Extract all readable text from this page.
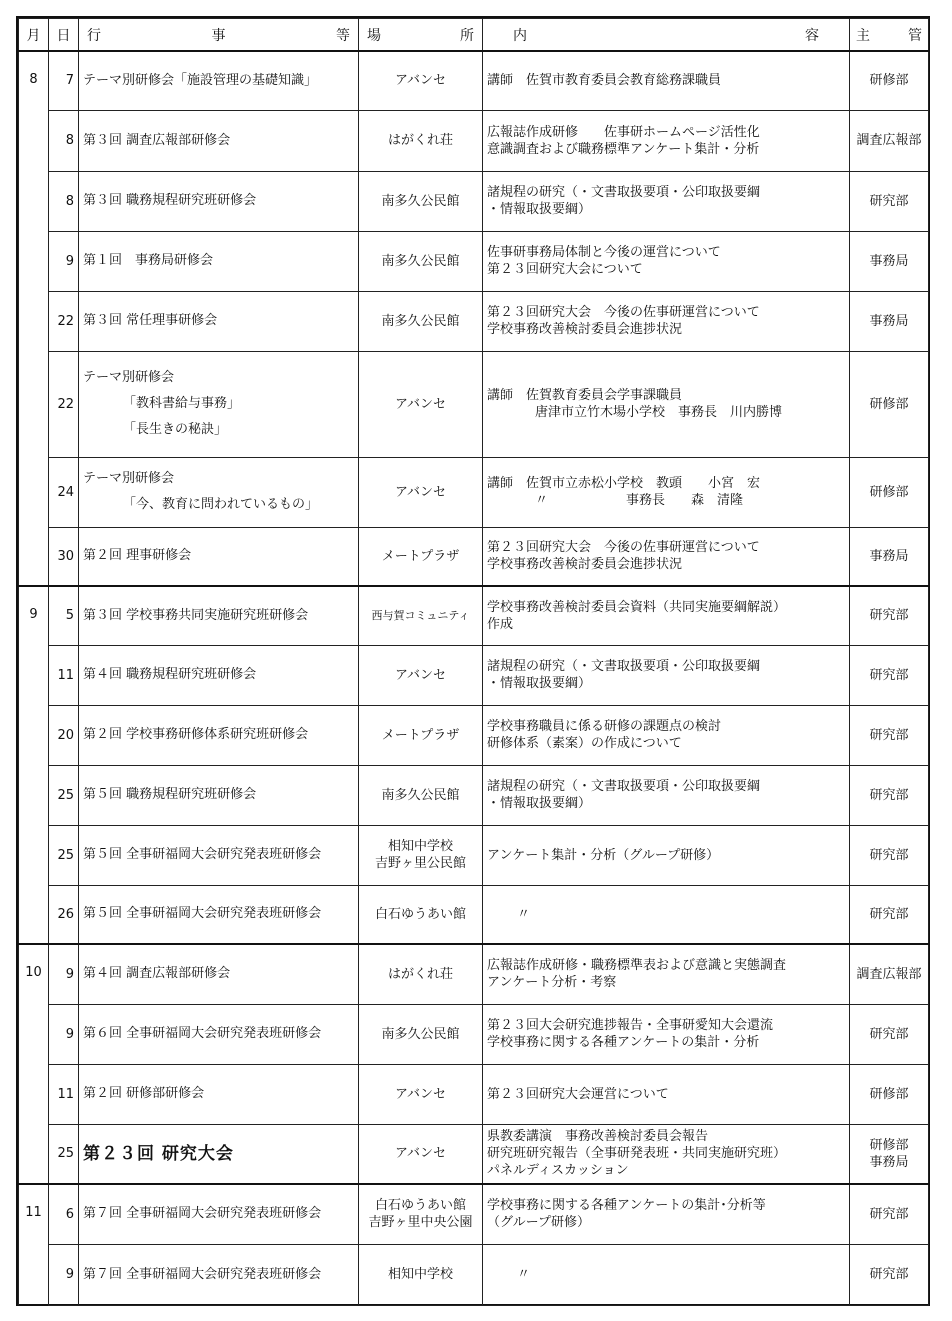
月	日	行 事 等	場 所	内 容	主 管

8	7	テーマ別研修会「施設管理の基礎知識」	アバンセ	講師　佐賀市教育委員会教育総務課職員	研修部

	8	第３回 調査広報部研修会	はがくれ荘	広報誌作成研修　　佐事研ホームページ活性化
意識調査および職務標準アンケート集計・分析	調査広報部

	8	第３回 職務規程研究班研修会	南多久公民館	諸規程の研究（・文書取扱要項・公印取扱要綱
・情報取扱要綱）	研究部

	9	第１回　事務局研修会	南多久公民館	佐事研事務局体制と今後の運営について
第２３回研究大会について	事務局

	22	第３回 常任理事研修会	南多久公民館	第２３回研究大会　今後の佐事研運営について
学校事務改善検討委員会進捗状況	事務局

	22	テーマ別研修会
「教科書給与事務」
「長生きの秘訣」	アバンセ	講師　佐賀教育委員会学事課職員
唐津市立竹木場小学校　事務長　川内勝博	研修部

	24	テーマ別研修会
「今、教育に問われているもの」	アバンセ	講師　佐賀市立赤松小学校　教頭　　小宮　宏
〃　　　　　　事務長　　森　清隆	研修部

	30	第２回 理事研修会	メートプラザ	第２３回研究大会　今後の佐事研運営について
学校事務改善検討委員会進捗状況	事務局

9	5	第３回 学校事務共同実施研究班研修会	西与賀コミュニティ	学校事務改善検討委員会資料（共同実施要綱解説）
作成	研究部

	11	第４回 職務規程研究班研修会	アバンセ	諸規程の研究（・文書取扱要項・公印取扱要綱
・情報取扱要綱）	研究部

	20	第２回 学校事務研修体系研究班研修会	メートプラザ	学校事務職員に係る研修の課題点の検討
研修体系（素案）の作成について	研究部

	25	第５回 職務規程研究班研修会	南多久公民館	諸規程の研究（・文書取扱要項・公印取扱要綱
・情報取扱要綱）	研究部

	25	第５回 全事研福岡大会研究発表班研修会	相知中学校
吉野ヶ里公民館	アンケート集計・分析（グループ研修）	研究部

	26	第５回 全事研福岡大会研究発表班研修会	白石ゆうあい館	〃	研究部

10	9	第４回 調査広報部研修会	はがくれ荘	広報誌作成研修・職務標準表および意識と実態調査
アンケート分析・考察	調査広報部

	9	第６回 全事研福岡大会研究発表班研修会	南多久公民館	第２３回大会研究進捗報告・全事研愛知大会還流
学校事務に関する各種アンケートの集計・分析	研究部

	11	第２回 研修部研修会	アバンセ	第２３回研究大会運営について	研修部

	25	第２３回 研究大会	アバンセ	県教委講演　事務改善検討委員会報告
研究班研究報告（全事研発表班・共同実施研究班）
パネルディスカッション	研修部
事務局

11	6	第７回 全事研福岡大会研究発表班研修会	白石ゆうあい館
吉野ヶ里中央公園	学校事務に関する各種アンケートの集計･分析等
（グループ研修）	研究部

	9	第７回 全事研福岡大会研究発表班研修会	相知中学校	〃	研究部
